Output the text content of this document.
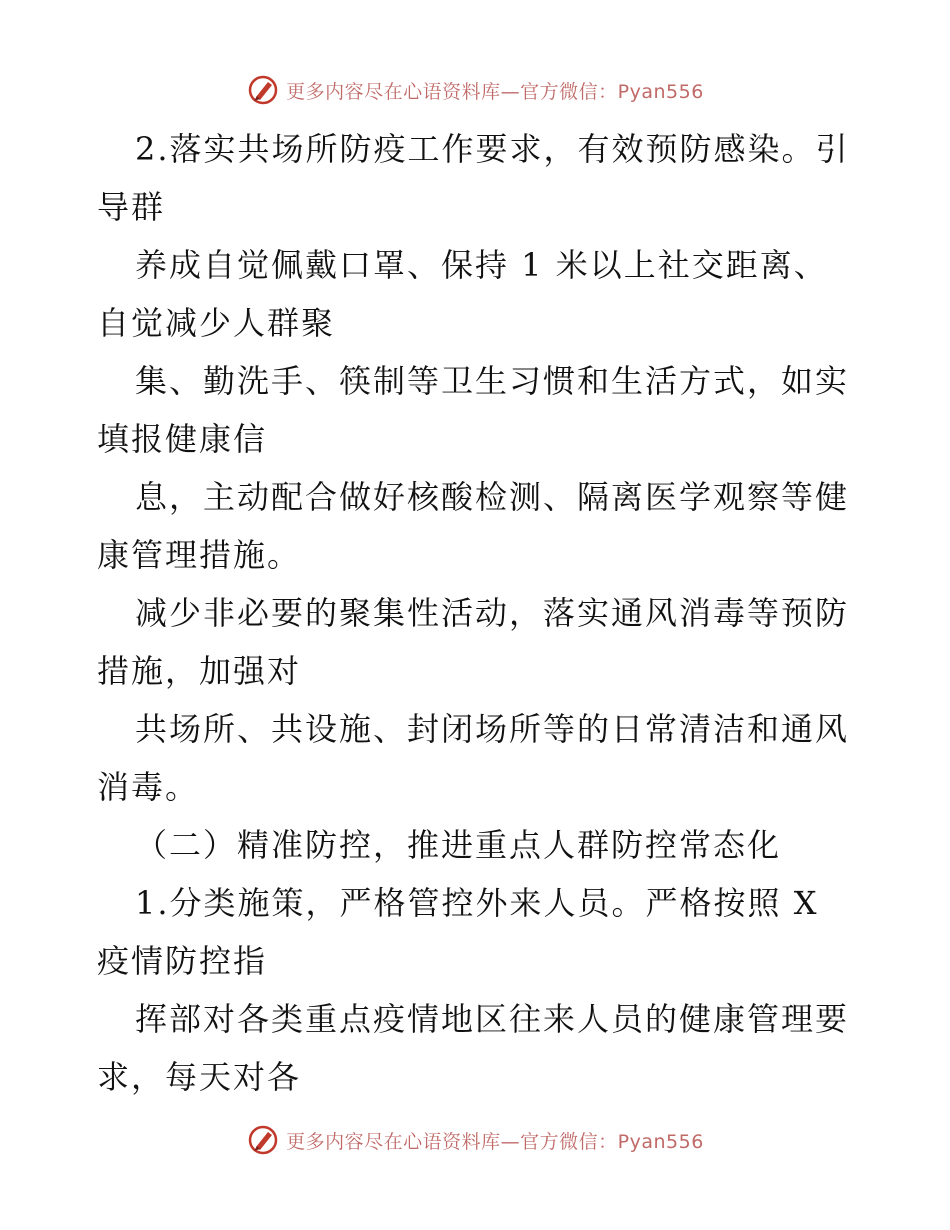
更多内容尽在心语资料库—官方微信：Pyan556
2.落实共场所防疫工作要求，有效预防感染。引
导群
养成自觉佩戴口罩、保持 1 米以上社交距离、
自觉减少人群聚
集、勤洗手、筷制等卫生习惯和生活方式，如实
填报健康信
息，主动配合做好核酸检测、隔离医学观察等健
康管理措施。
减少非必要的聚集性活动，落实通风消毒等预防
措施，加强对
共场所、共设施、封闭场所等的日常清洁和通风
消毒。
（二）精准防控，推进重点人群防控常态化
1.分类施策，严格管控外来人员。严格按照 X
疫情防控指
挥部对各类重点疫情地区往来人员的健康管理要
求，每天对各
更多内容尽在心语资料库—官方微信：Pyan556
